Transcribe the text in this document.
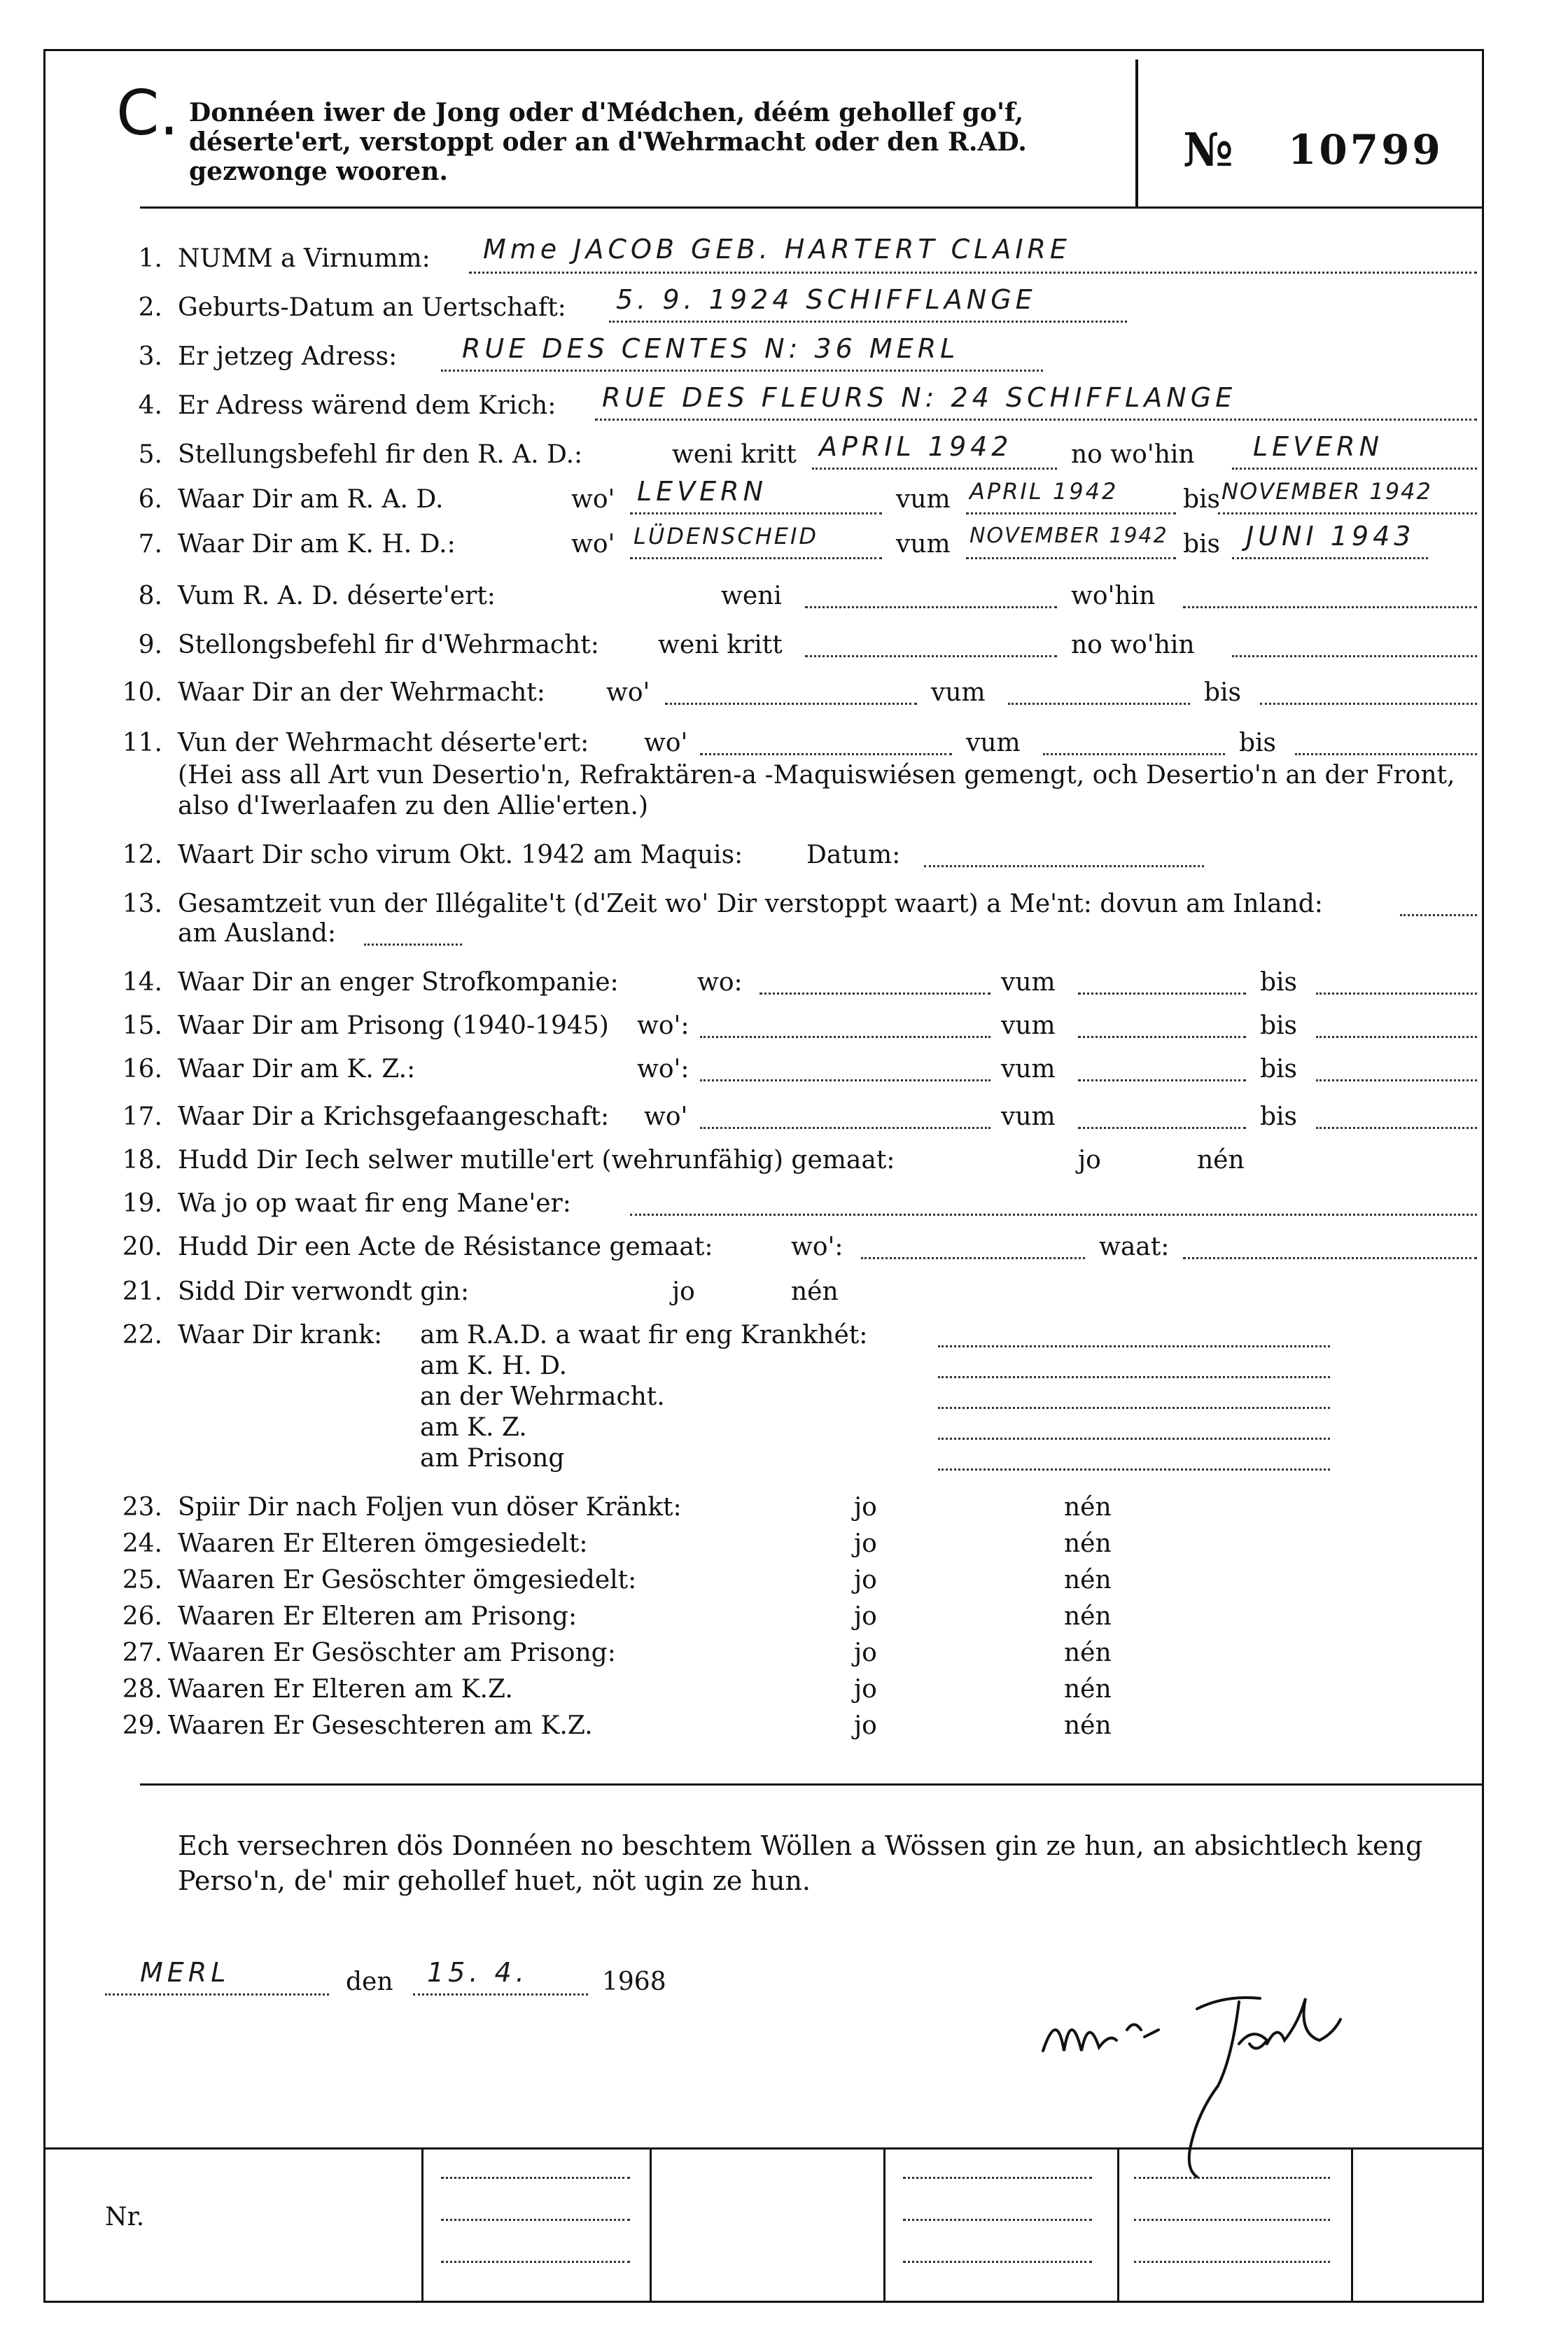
C. Donnéen iwer de Jong oder d'Médchen, déém gehollef go'f, déserte'ert, verstoppt oder an d'Wehrmacht oder den R.AD. gezwonge wooren.	№ 10799
1. NUMM a Virnumm: Mme JACOB GEB. HARTERT CLAIRE
2. Geburts-Datum an Uertschaft: 5. 9. 1924 SCHIFFLANGE
3. Er jetzeg Adress: RUE DES CENTES N: 36 MERL
4. Er Adress wärend dem Krich: RUE DES FLEURS N: 24 SCHIFFLANGE
5. Stellungsbefehl fir den R. A. D.:	weni kritt APRIL 1942 no wo'hin LEVERN
6. Waar Dir am R. A. D.	wo' LEVERN	vum APRIL 1942	bis NOVEMBER 1942
7. Waar Dir am K. H. D.:	wo' LÜDENSCHEID	vum NOVEMBER 1942 bis JUNI 1943
8. Vum R. A. D. déserte'ert:	weni	wo'hin
9. Stellongsbefehl fir d'Wehrmacht: weni kritt	no wo'hin
10. Waar Dir an der Wehrmacht: wo'	vum	bis
11. Vun der Wehrmacht déserte'ert: wo'	vum	bis
(Hei ass all Art vun Desertio'n, Refraktären-a -Maquiswiésen gemengt, och Desertio'n an der Front, also d'Iwerlaafen zu den Allie'erten.)
12. Waart Dir scho virum Okt. 1942 am Maquis:	Datum:
13. Gesamtzeit vun der Illégalite't (d'Zeit wo' Dir verstoppt waart) a Me'nt: dovun am Inland:
am Ausland:
14. Waar Dir an enger Strofkompanie:	wo:	vum	bis
15. Waar Dir am Prisong (1940-1945) wo':	vum	bis
16. Waar Dir am K. Z.:	wo':	vum	bis
17. Waar Dir a Krichsgefaangeschaft: wo'	vum	bis
18. Hudd Dir Iech selwer mutille'ert (wehrunfähig) gemaat:	jo	nén
19. Wa jo op waat fir eng Mane'er:
20. Hudd Dir een Acte de Résistance gemaat:	wo':	waat:
21. Sidd Dir verwondt gin:	jo	nén
22. Waar Dir krank: am R.A.D. a waat fir eng Krankhét:
am K. H. D.
an der Wehrmacht.
am K. Z.
am Prisong
23. Spiir Dir nach Foljen vun döser Kränkt:	jo	nén
24. Waaren Er Elteren ömgesiedelt:	jo	nén
25. Waaren Er Gesöschter ömgesiedelt:	jo	nén
26. Waaren Er Elteren am Prisong:	jo	nén
27. Waaren Er Gesöschter am Prisong:	jo	nén
28. Waaren Er Elteren am K.Z.	jo	nén
29. Waaren Er Geseschteren am K.Z.	jo	nén
Ech versechren dös Donnéen no beschtem Wöllen a Wössen gin ze hun, an absichtlech keng Perso'n, de' mir gehollef huet, nöt ugin ze hun.
MERL	den 15. 4.	1968
Mme Jacob
Nr.
